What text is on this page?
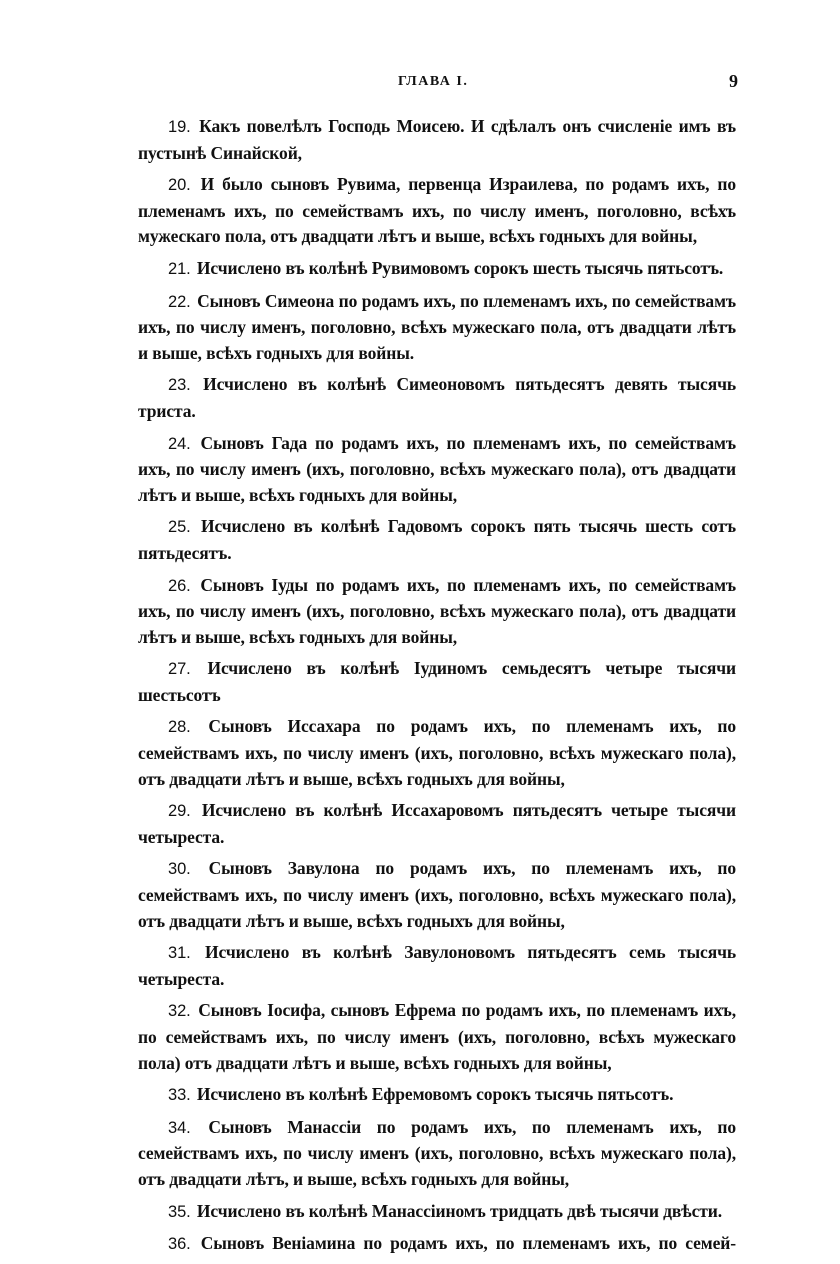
ГЛАВА I.	9

19. Какъ повелѣлъ Господь Моисею. И сдѣлалъ онъ счисленіе имъ въ пустынѣ Синайской,

20. И было сыновъ Рувима, первенца Израилева, по родамъ ихъ, по племенамъ ихъ, по семействамъ ихъ, по числу именъ, поголовно, всѣхъ мужескаго пола, отъ двадцати лѣтъ и выше, всѣхъ годныхъ для войны,

21. Исчислено въ колѣнѣ Рувимовомъ сорокъ шесть тысячь пятьсотъ.

22. Сыновъ Симеона по родамъ ихъ, по племенамъ ихъ, по семействамъ ихъ, по числу именъ, поголовно, всѣхъ мужескаго пола, отъ двадцати лѣтъ и выше, всѣхъ годныхъ для войны.

23. Исчислено въ колѣнѣ Симеоновомъ пятьдесятъ девять тысячь триста.

24. Сыновъ Гада по родамъ ихъ, по племенамъ ихъ, по семействамъ ихъ, по числу именъ (ихъ, поголовно, всѣхъ мужескаго пола), отъ двадцати лѣтъ и выше, всѣхъ годныхъ для войны,

25. Исчислено въ колѣнѣ Гадовомъ сорокъ пять тысячь шесть сотъ пятьдесятъ.

26. Сыновъ Іуды по родамъ ихъ, по племенамъ ихъ, по семействамъ ихъ, по числу именъ (ихъ, поголовно, всѣхъ мужескаго пола), отъ двадцати лѣтъ и выше, всѣхъ годныхъ для войны,

27. Исчислено въ колѣнѣ Іудиномъ семьдесятъ четыре тысячи шестьсотъ

28. Сыновъ Иссахара по родамъ ихъ, по племенамъ ихъ, по семействамъ ихъ, по числу именъ (ихъ, поголовно, всѣхъ мужескаго пола), отъ двадцати лѣтъ и выше, всѣхъ годныхъ для войны,

29. Исчислено въ колѣнѣ Иссахаровомъ пятьдесятъ четыре тысячи четыреста.

30. Сыновъ Завулона по родамъ ихъ, по племенамъ ихъ, по семействамъ ихъ, по числу именъ (ихъ, поголовно, всѣхъ мужескаго пола), отъ двадцати лѣтъ и выше, всѣхъ годныхъ для войны,

31. Исчислено въ колѣнѣ Завулоновомъ пятьдесятъ семь тысячь четыреста.

32. Сыновъ Іосифа, сыновъ Ефрема по родамъ ихъ, по племенамъ ихъ, по семействамъ ихъ, по числу именъ (ихъ, поголовно, всѣхъ мужескаго пола) отъ двадцати лѣтъ и выше, всѣхъ годныхъ для войны,

33. Исчислено въ колѣнѣ Ефремовомъ сорокъ тысячь пятьсотъ.

34. Сыновъ Манассіи по родамъ ихъ, по племенамъ ихъ, по семействамъ ихъ, по числу именъ (ихъ, поголовно, всѣхъ мужескаго пола), отъ двадцати лѣтъ, и выше, всѣхъ годныхъ для войны,

35. Исчислено въ колѣнѣ Манассіиномъ тридцать двѣ тысячи двѣсти.

36. Сыновъ Веніамина по родамъ ихъ, по племенамъ ихъ, по семей-
